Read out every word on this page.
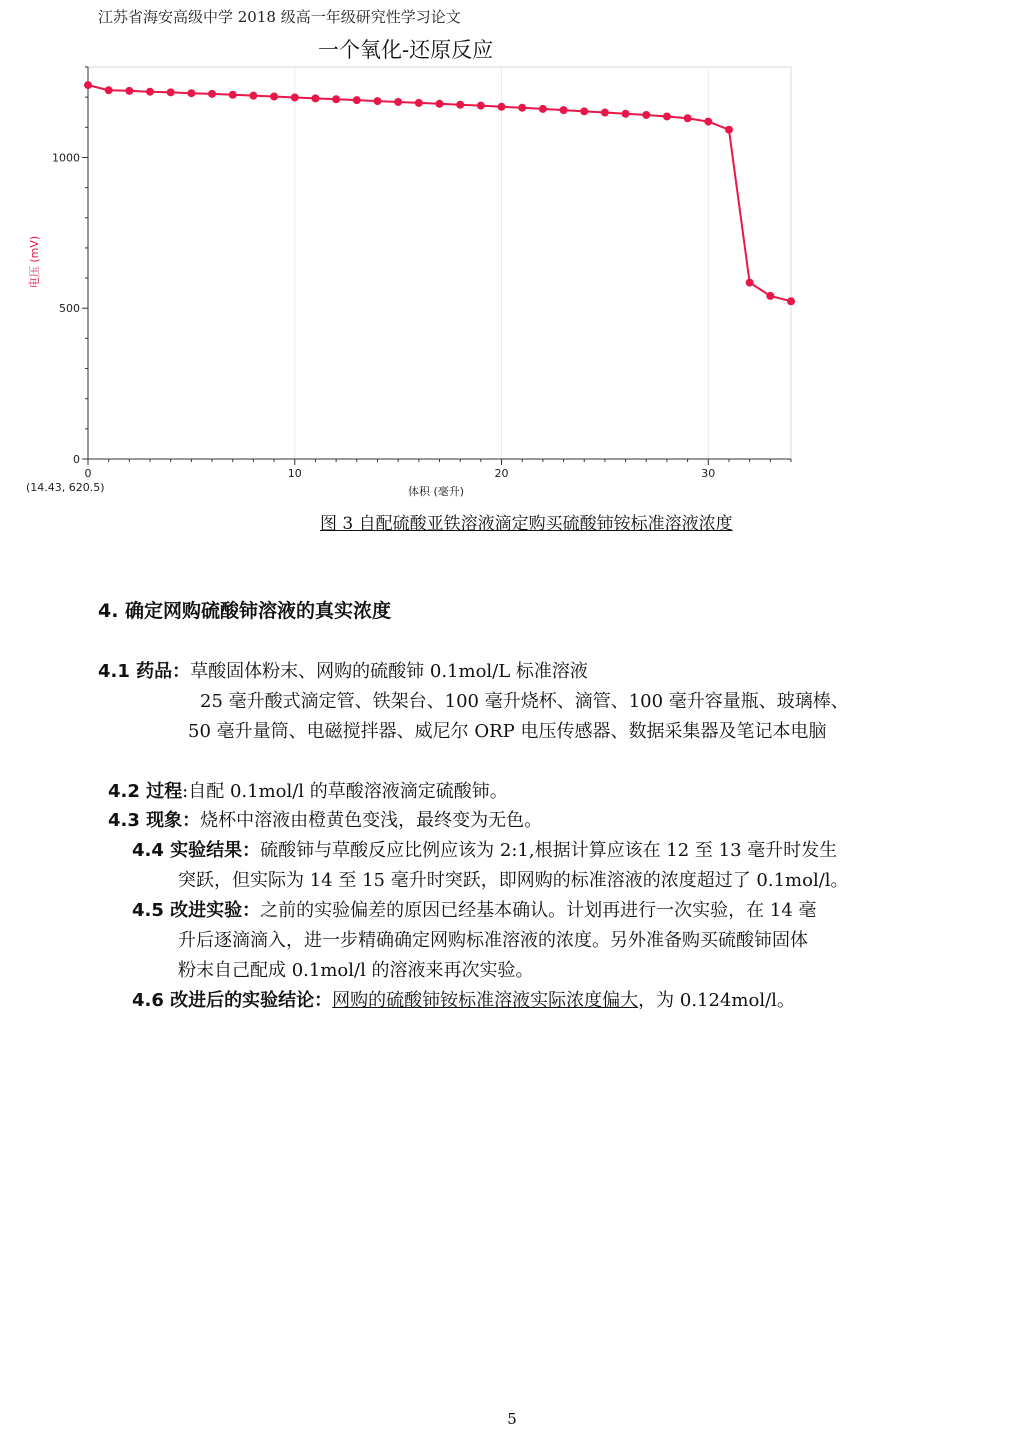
江苏省海安高级中学 2018 级高一年级研究性学习论文
一个氧化-还原反应
0	10	20	30
0
500
1000
电压 (mV)
体积 (毫升)
(14.43, 620.5)
图 3 自配硫酸亚铁溶液滴定购买硫酸铈铵标准溶液浓度
4. 确定网购硫酸铈溶液的真实浓度
4.1 药品：草酸固体粉末、网购的硫酸铈 0.1mol/L 标准溶液
25 毫升酸式滴定管、铁架台、100 毫升烧杯、滴管、100 毫升容量瓶、玻璃棒、
50 毫升量筒、电磁搅拌器、威尼尔 ORP 电压传感器、数据采集器及笔记本电脑
4.2 过程:自配 0.1mol/l 的草酸溶液滴定硫酸铈。
4.3 现象：烧杯中溶液由橙黄色变浅，最终变为无色。
4.4 实验结果：硫酸铈与草酸反应比例应该为 2:1,根据计算应该在 12 至 13 毫升时发生
突跃，但实际为 14 至 15 毫升时突跃，即网购的标准溶液的浓度超过了 0.1mol/l。
4.5 改进实验：之前的实验偏差的原因已经基本确认。计划再进行一次实验，在 14 毫
升后逐滴滴入，进一步精确确定网购标准溶液的浓度。另外准备购买硫酸铈固体
粉末自己配成 0.1mol/l 的溶液来再次实验。
4.6 改进后的实验结论：网购的硫酸铈铵标准溶液实际浓度偏大，为 0.124mol/l。
5
